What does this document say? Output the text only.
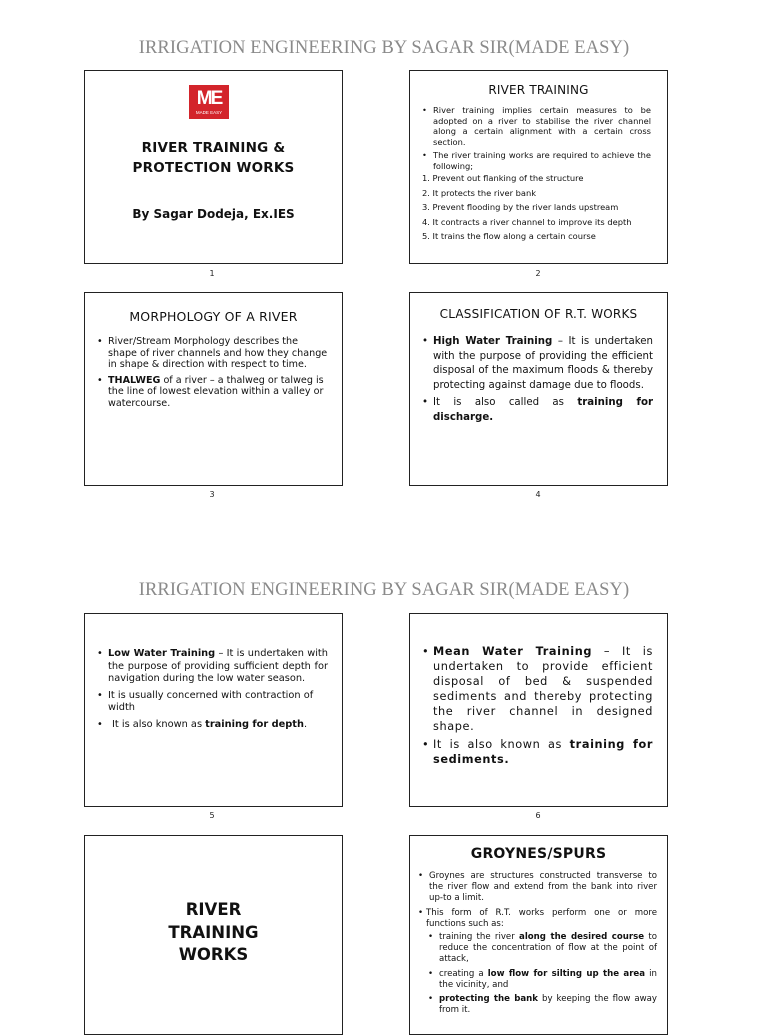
IRRIGATION ENGINEERING BY SAGAR SIR(MADE EASY)
ME
MADE EASY
RIVER TRAINING &
PROTECTION WORKS
By Sagar Dodeja, Ex.IES
1
RIVER TRAINING
• River training implies certain measures to be adopted on a river to stabilise the river channel along a certain alignment with a certain cross section.
• The river training works are required to achieve the following;
1. Prevent out flanking of the structure
2. It protects the river bank
3. Prevent flooding by the river lands upstream
4. It contracts a river channel to improve its depth
5. It trains the flow along a certain course
2
MORPHOLOGY OF A RIVER
• River/Stream Morphology describes the shape of river channels and how they change in shape & direction with respect to time.
• THALWEG of a river – a thalweg or talweg is the line of lowest elevation within a valley or watercourse.
3
CLASSIFICATION OF R.T. WORKS
• High Water Training – It is undertaken with the purpose of providing the efficient disposal of the maximum floods & thereby protecting against damage due to floods.
• It is also called as training for discharge.
4
IRRIGATION ENGINEERING BY SAGAR SIR(MADE EASY)
• Low Water Training – It is undertaken with the purpose of providing sufficient depth for navigation during the low water season.
• It is usually concerned with contraction of width
• It is also known as training for depth.
5
• Mean Water Training – It is undertaken to provide efficient disposal of bed & suspended sediments and thereby protecting the river channel in designed shape.
• It is also known as training for sediments.
6
RIVER
TRAINING
WORKS
GROYNES/SPURS
• Groynes are structures constructed transverse to the river flow and extend from the bank into river up-to a limit.
• This form of R.T. works perform one or more functions such as:
• training the river along the desired course to reduce the concentration of flow at the point of attack,
• creating a low flow for silting up the area in the vicinity, and
• protecting the bank by keeping the flow away from it.
